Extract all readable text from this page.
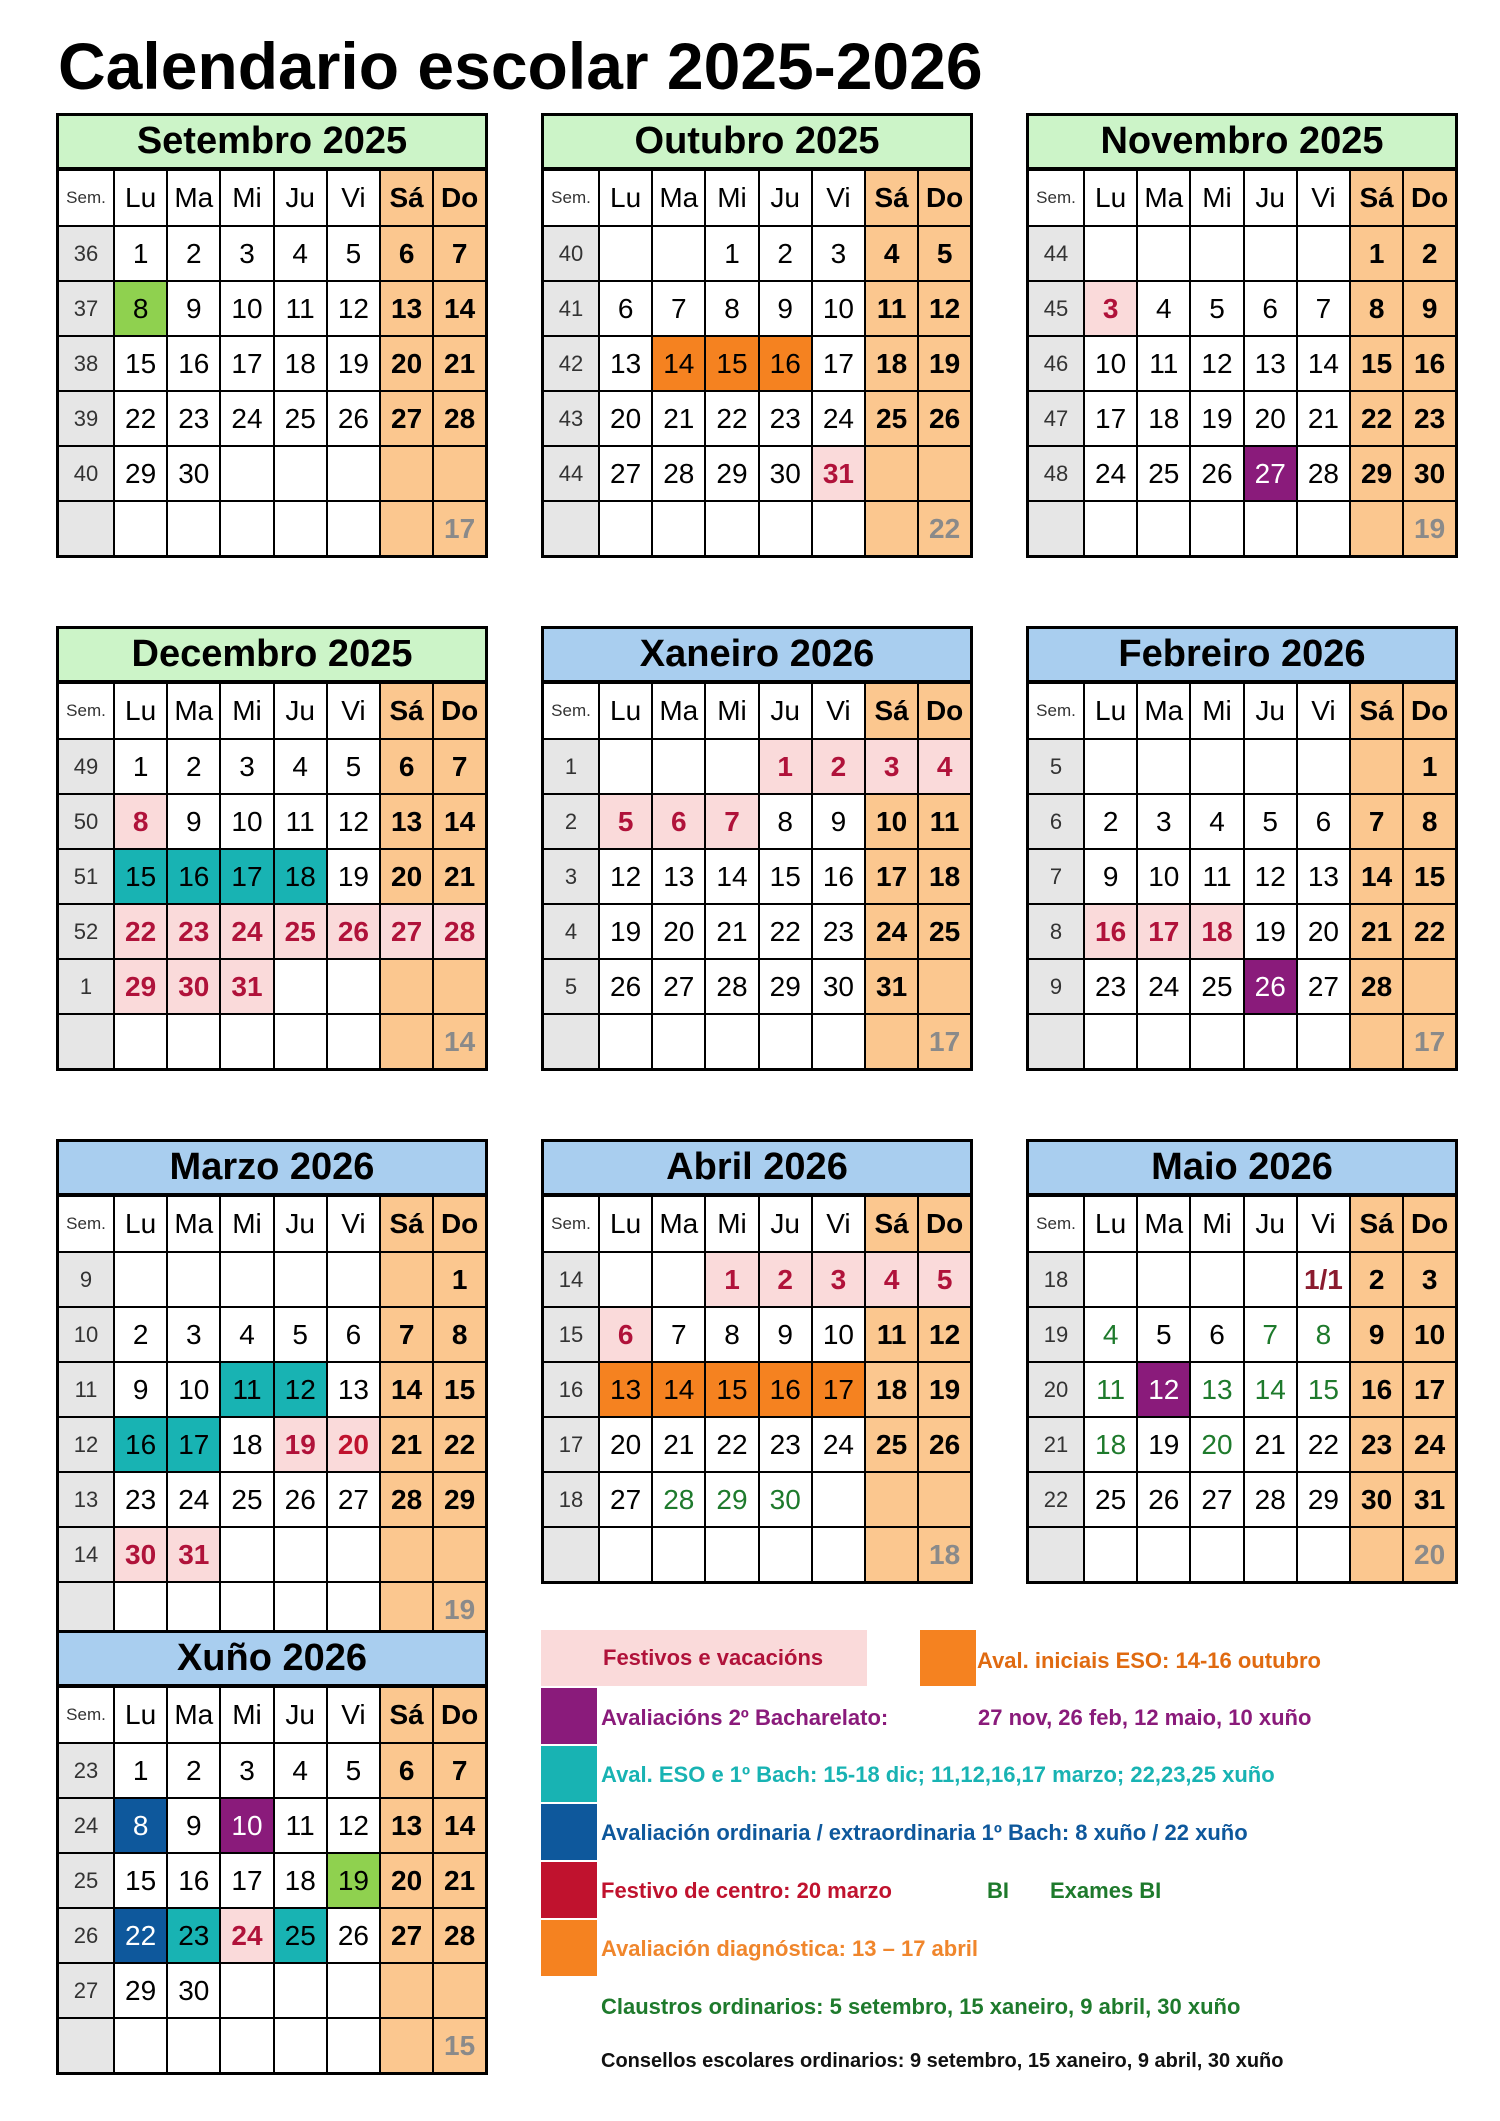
Calendario escolar 2025-2026
Setembro 2025
Sem.	Lu	Ma	Mi	Ju	Vi	Sá	Do
36	1	2	3	4	5	6	7
37	8	9	10	11	12	13	14
38	15	16	17	18	19	20	21
39	22	23	24	25	26	27	28
40	29	30					
							17
Outubro 2025
Sem.	Lu	Ma	Mi	Ju	Vi	Sá	Do
40			1	2	3	4	5
41	6	7	8	9	10	11	12
42	13	14	15	16	17	18	19
43	20	21	22	23	24	25	26
44	27	28	29	30	31		
							22
Novembro 2025
Sem.	Lu	Ma	Mi	Ju	Vi	Sá	Do
44						1	2
45	3	4	5	6	7	8	9
46	10	11	12	13	14	15	16
47	17	18	19	20	21	22	23
48	24	25	26	27	28	29	30
							19
Decembro 2025
Sem.	Lu	Ma	Mi	Ju	Vi	Sá	Do
49	1	2	3	4	5	6	7
50	8	9	10	11	12	13	14
51	15	16	17	18	19	20	21
52	22	23	24	25	26	27	28
1	29	30	31				
							14
Xaneiro 2026
Sem.	Lu	Ma	Mi	Ju	Vi	Sá	Do
1				1	2	3	4
2	5	6	7	8	9	10	11
3	12	13	14	15	16	17	18
4	19	20	21	22	23	24	25
5	26	27	28	29	30	31	
							17
Febreiro 2026
Sem.	Lu	Ma	Mi	Ju	Vi	Sá	Do
5							1
6	2	3	4	5	6	7	8
7	9	10	11	12	13	14	15
8	16	17	18	19	20	21	22
9	23	24	25	26	27	28	
							17
Marzo 2026
Sem.	Lu	Ma	Mi	Ju	Vi	Sá	Do
9							1
10	2	3	4	5	6	7	8
11	9	10	11	12	13	14	15
12	16	17	18	19	20	21	22
13	23	24	25	26	27	28	29
14	30	31					
							19
Abril 2026
Sem.	Lu	Ma	Mi	Ju	Vi	Sá	Do
14			1	2	3	4	5
15	6	7	8	9	10	11	12
16	13	14	15	16	17	18	19
17	20	21	22	23	24	25	26
18	27	28	29	30			
							18
Maio 2026
Sem.	Lu	Ma	Mi	Ju	Vi	Sá	Do
18					1/1	2	3
19	4	5	6	7	8	9	10
20	11	12	13	14	15	16	17
21	18	19	20	21	22	23	24
22	25	26	27	28	29	30	31
							20
Xuño 2026
Sem.	Lu	Ma	Mi	Ju	Vi	Sá	Do
23	1	2	3	4	5	6	7
24	8	9	10	11	12	13	14
25	15	16	17	18	19	20	21
26	22	23	24	25	26	27	28
27	29	30					
							15
Festivos e vacacións	Aval. iniciais ESO: 14-16 outubro
Avaliacións 2º Bacharelato:	27 nov, 26 feb, 12 maio, 10 xuño
Aval. ESO e 1º Bach: 15-18 dic; 11,12,16,17 marzo; 22,23,25 xuño
Avaliación ordinaria / extraordinaria 1º Bach: 8 xuño / 22 xuño
Festivo de centro: 20 marzo	BI Exames BI
Avaliación diagnóstica: 13 – 17 abril
Claustros ordinarios: 5 setembro, 15 xaneiro, 9 abril, 30 xuño
Consellos escolares ordinarios: 9 setembro, 15 xaneiro, 9 abril, 30 xuño
